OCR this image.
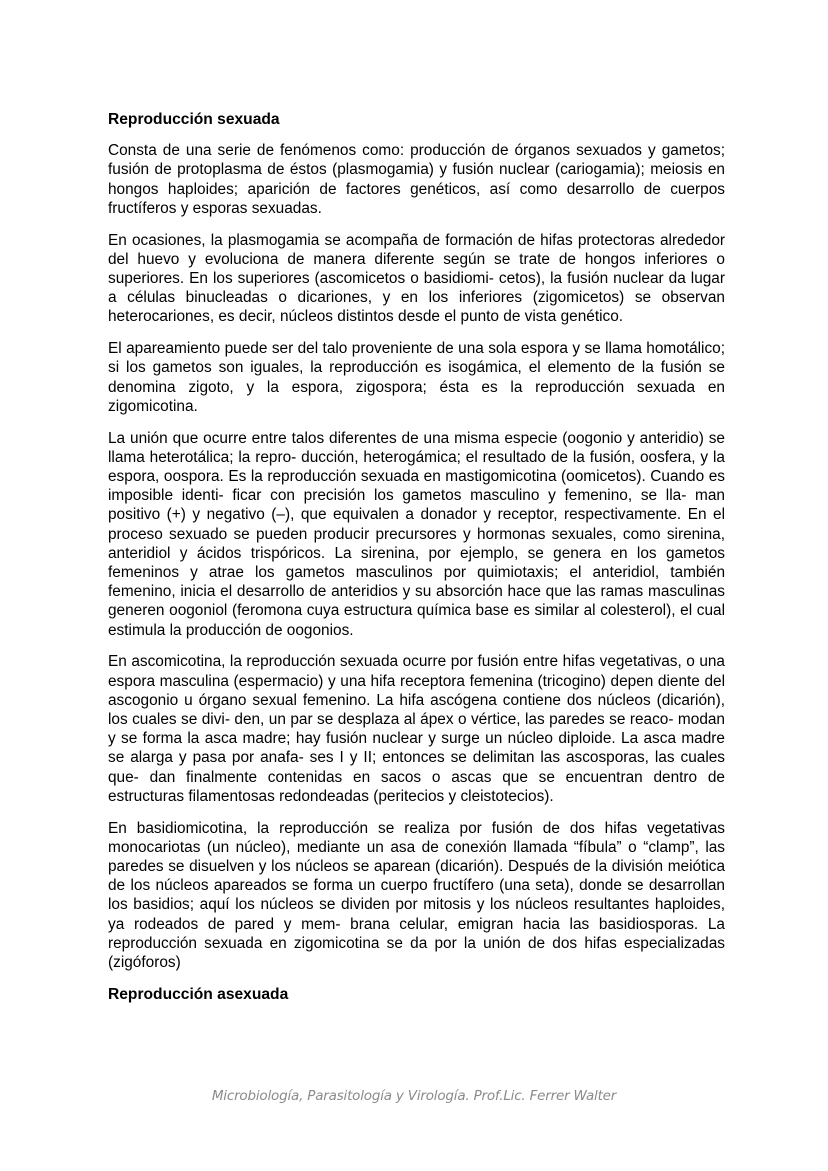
Reproducción sexuada

Consta de una serie de fenómenos como: producción de órganos sexuados y gametos; fusión de protoplasma de éstos (plasmogamia) y fusión nuclear (cariogamia); meiosis en hongos haploides; aparición de factores genéticos, así como desarrollo de cuerpos fructíferos y esporas sexuadas.

En ocasiones, la plasmogamia se acompaña de formación de hifas protectoras alrededor del huevo y evoluciona de manera diferente según se trate de hongos inferiores o superiores. En los superiores (ascomicetos o basidiomi- cetos), la fusión nuclear da lugar a células binucleadas o dicariones, y en los inferiores (zigomicetos) se observan heterocariones, es decir, núcleos distintos desde el punto de vista genético.

El apareamiento puede ser del talo proveniente de una sola espora y se llama homotálico; si los gametos son iguales, la reproducción es isogámica, el elemento de la fusión se denomina zigoto, y la espora, zigospora; ésta es la reproducción sexuada en zigomicotina.

La unión que ocurre entre talos diferentes de una misma especie (oogonio y anteridio) se llama heterotálica; la repro- ducción, heterogámica; el resultado de la fusión, oosfera, y la espora, oospora. Es la reproducción sexuada en mastigomicotina (oomicetos). Cuando es imposible identi- ficar con precisión los gametos masculino y femenino, se lla- man positivo (+) y negativo (–), que equivalen a donador y receptor, respectivamente. En el proceso sexuado se pueden producir precursores y hormonas sexuales, como sirenina, anteridiol y ácidos trispóricos. La sirenina, por ejemplo, se genera en los gametos femeninos y atrae los gametos masculinos por quimiotaxis; el anteridiol, también femenino, inicia el desarrollo de anteridios y su absorción hace que las ramas masculinas generen oogoniol (feromona cuya estructura química base es similar al colesterol), el cual estimula la producción de oogonios.

En ascomicotina, la reproducción sexuada ocurre por fusión entre hifas vegetativas, o una espora masculina (espermacio) y una hifa receptora femenina (tricogino) depen diente del ascogonio u órgano sexual femenino. La hifa ascógena contiene dos núcleos (dicarión), los cuales se divi- den, un par se desplaza al ápex o vértice, las paredes se reaco- modan y se forma la asca madre; hay fusión nuclear y surge un núcleo diploide. La asca madre se alarga y pasa por anafa- ses I y II; entonces se delimitan las ascosporas, las cuales que- dan finalmente contenidas en sacos o ascas que se encuentran dentro de estructuras filamentosas redondeadas (peritecios y cleistotecios).

En basidiomicotina, la reproducción se realiza por fusión de dos hifas vegetativas monocariotas (un núcleo), mediante un asa de conexión llamada “fíbula” o “clamp”, las paredes se disuelven y los núcleos se aparean (dicarión). Después de la división meiótica de los núcleos apareados se forma un cuerpo fructífero (una seta), donde se desarrollan los basidios; aquí los núcleos se dividen por mitosis y los núcleos resultantes haploides, ya rodeados de pared y mem- brana celular, emigran hacia las basidiosporas. La reproducción sexuada en zigomicotina se da por la unión de dos hifas especializadas (zigóforos)

Reproducción asexuada
Microbiología, Parasitología y Virología. Prof.Lic. Ferrer Walter
